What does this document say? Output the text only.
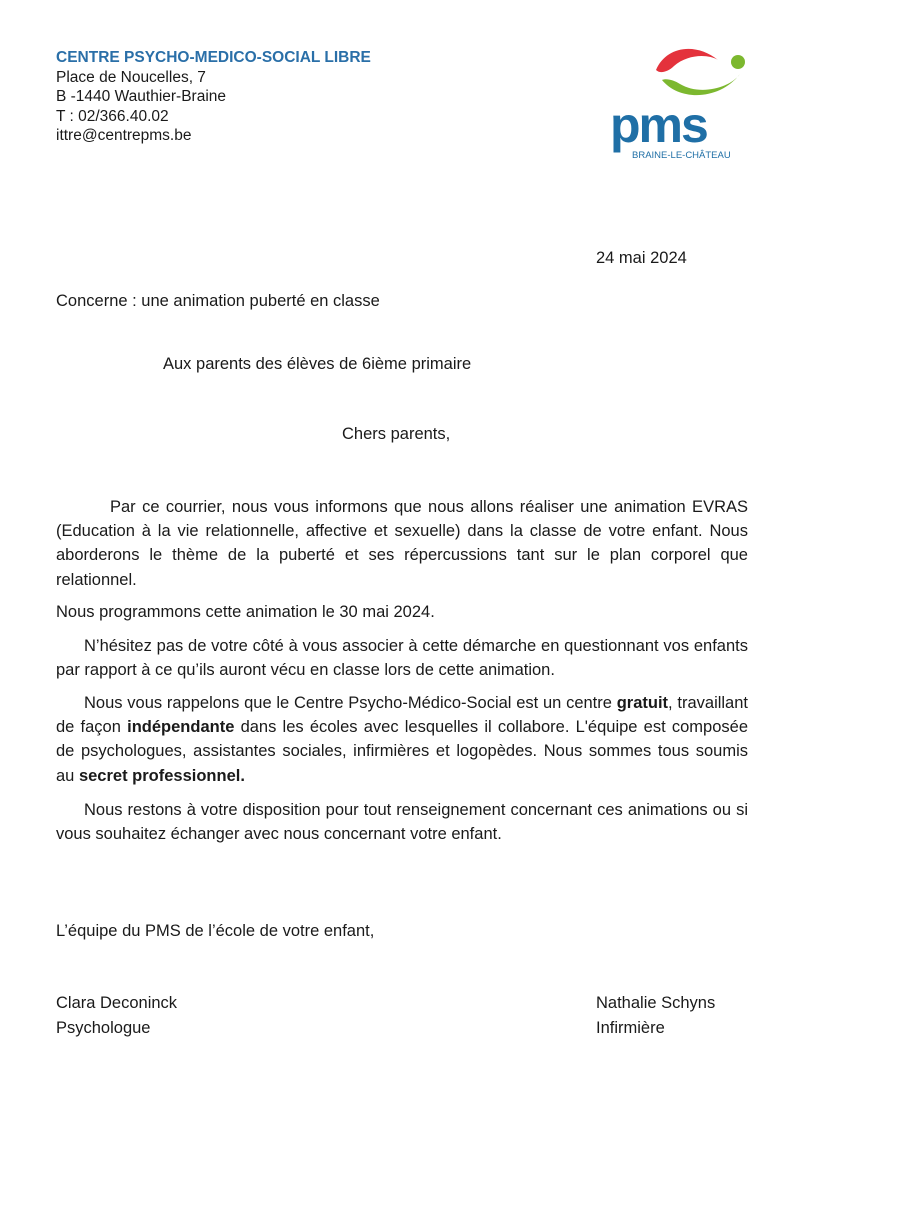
CENTRE PSYCHO-MEDICO-SOCIAL LIBRE
Place de Noucelles, 7
B -1440 Wauthier-Braine
T : 02/366.40.02
ittre@centrepms.be	pms
BRAINE-LE-CHÂTEAU

24 mai 2024

Concerne : une animation puberté en classe

Aux parents des élèves de 6ième primaire

Chers parents,

Par ce courrier, nous vous informons que nous allons réaliser une animation EVRAS (Education à la vie relationnelle, affective et sexuelle) dans la classe de votre enfant. Nous aborderons le thème de la puberté et ses répercussions tant sur le plan corporel que relationnel.

Nous programmons cette animation le 30 mai 2024.

N’hésitez pas de votre côté à vous associer à cette démarche en questionnant vos enfants par rapport à ce qu’ils auront vécu en classe lors de cette animation.

Nous vous rappelons que le Centre Psycho-Médico-Social est un centre gratuit, travaillant de façon indépendante dans les écoles avec lesquelles il collabore. L'équipe est composée de psychologues, assistantes sociales, infirmières et logopèdes. Nous sommes tous soumis au secret professionnel.

Nous restons à votre disposition pour tout renseignement concernant ces animations ou si vous souhaitez échanger avec nous concernant votre enfant.

L’équipe du PMS de l’école de votre enfant,

Clara Deconinck
Psychologue
Nathalie Schyns
Infirmière
